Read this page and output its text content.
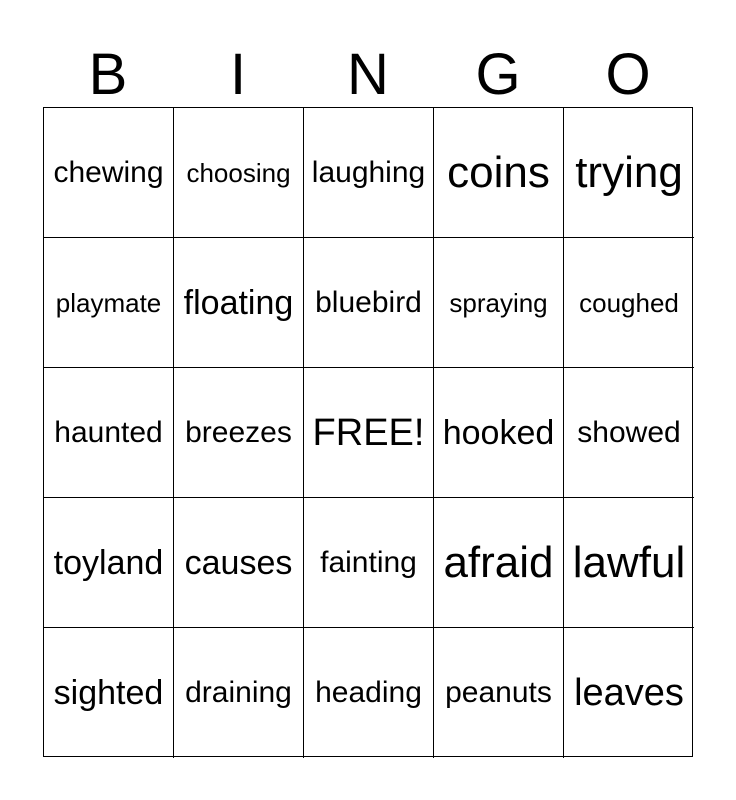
B	I	N	G	O
chewing choosing laughing coins trying
playmate floating bluebird	spraying	coughed
haunted breezes FREE! hooked showed
toyland causes fainting afraid lawful
sighted draining heading peanuts leaves
